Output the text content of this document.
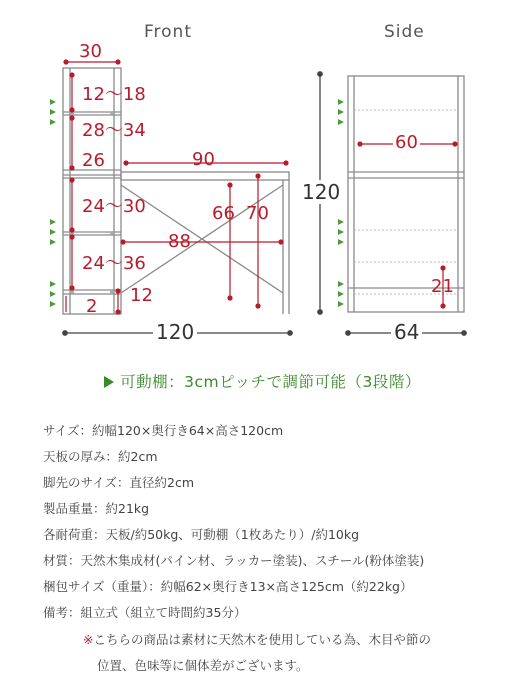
Front	Side
30
12〜18
28〜34
26
24〜30
24〜36
2
12
90
66 70
88
120
120
60
21
64
可動棚：3cmピッチで調節可能（3段階）
サイズ：約幅120×奥行き64×高さ120cm
天板の厚み：約2cm
脚先のサイズ：直径約2cm
製品重量：約21kg
各耐荷重：天板/約50kg、可動棚（1枚あたり）/約10kg
材質：天然木集成材(パイン材、ラッカー塗装)、スチール(粉体塗装)
梱包サイズ（重量）：約幅62×奥行き13×高さ125cm（約22kg）
備考：組立式（組立て時間約35分）
※こちらの商品は素材に天然木を使用している為、木目や節の
位置、色味等に個体差がございます。
